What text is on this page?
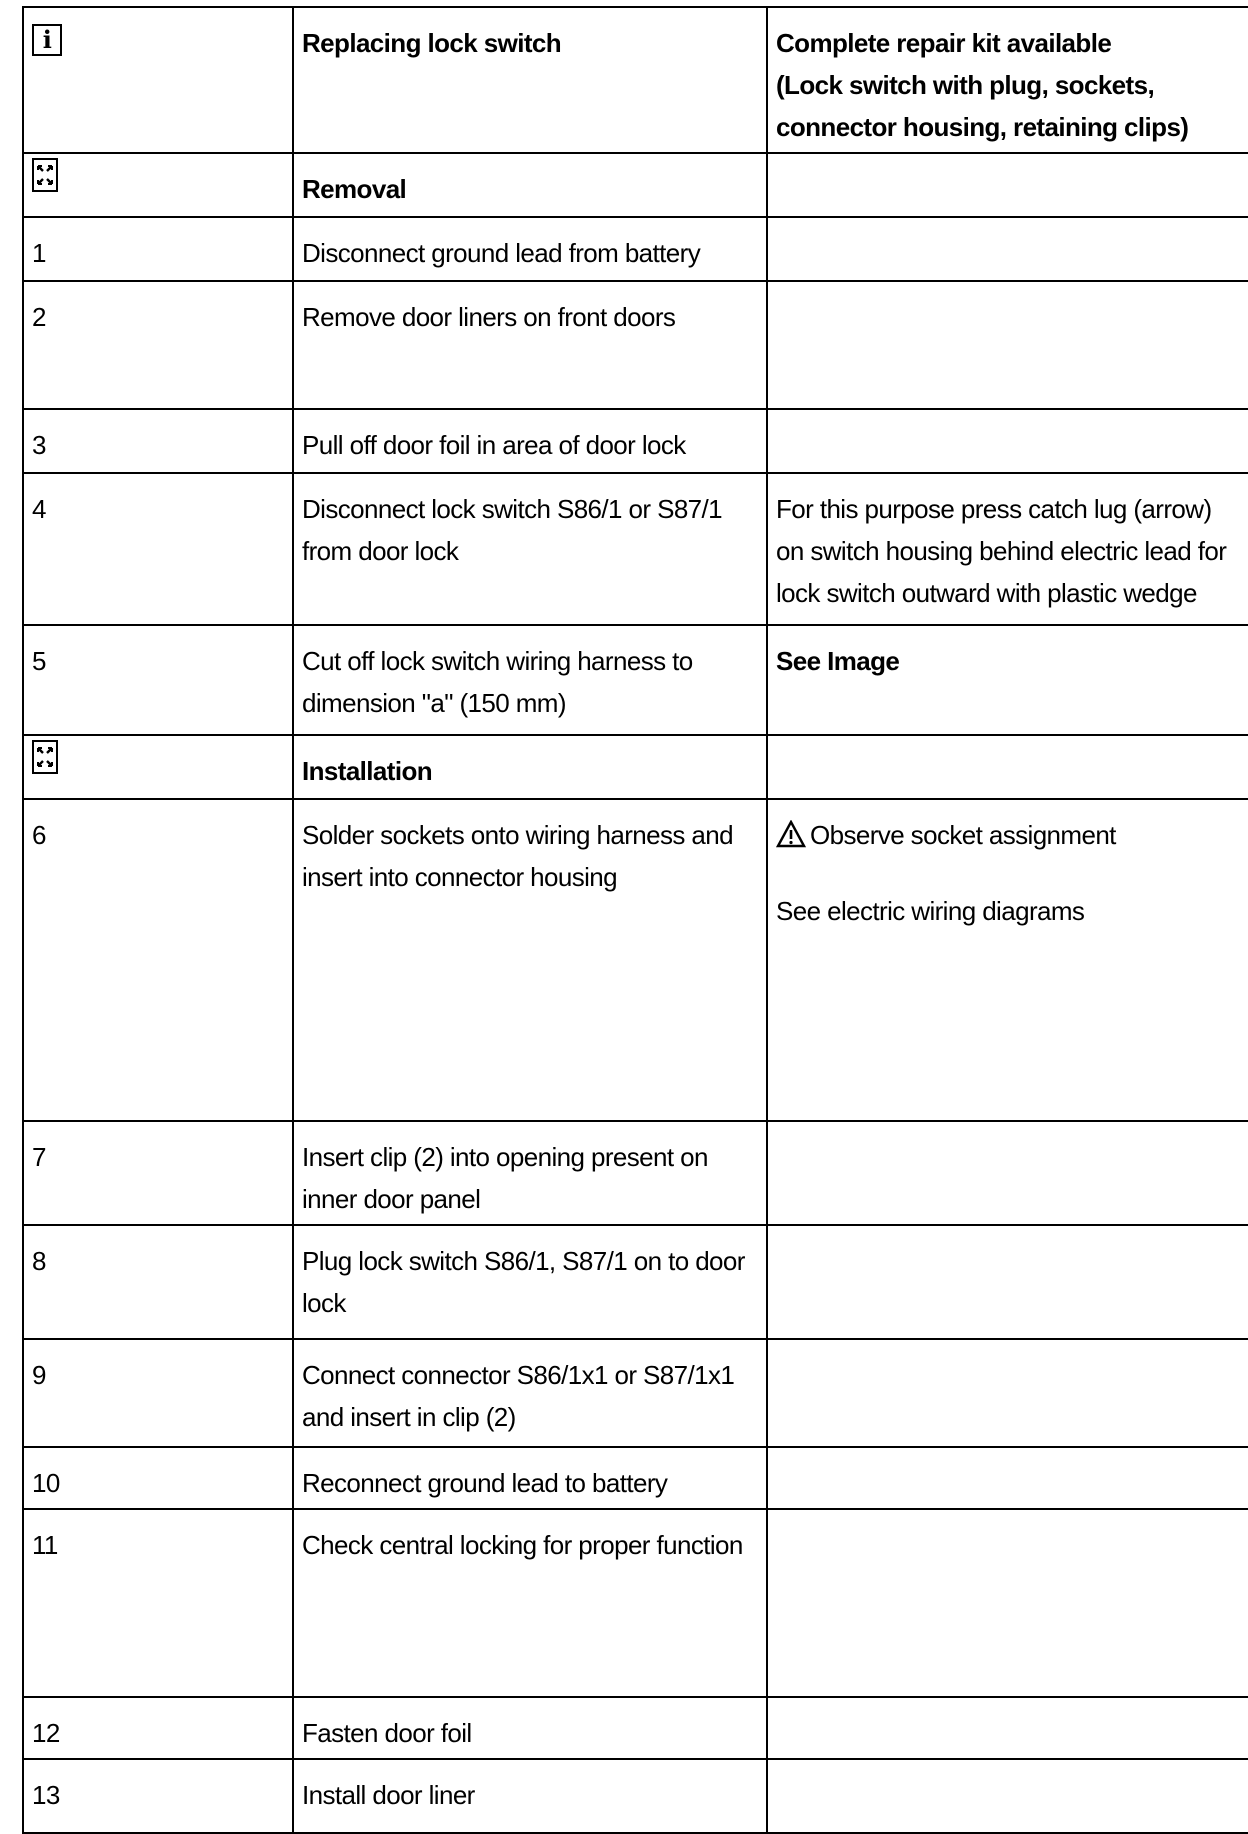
i	Replacing lock switch	Complete repair kit available
(Lock switch with plug, sockets, connector housing, retaining clips)

	Removal	
1	Disconnect ground lead from battery	
2	Remove door liners on front doors	
3	Pull off door foil in area of door lock	
4	Disconnect lock switch S86/1 or S87/1 from door lock	For this purpose press catch lug (arrow) on switch housing behind electric lead for lock switch outward with plastic wedge
5	Cut off lock switch wiring harness to dimension "a" (150 mm)	See Image

	Installation	
6	Solder sockets onto wiring harness and insert into connector housing	Observe socket assignment
See electric wiring diagrams

7	Insert clip (2) into opening present on inner door panel	
8	Plug lock switch S86/1, S87/1 on to door lock	
9	Connect connector S86/1x1 or S87/1x1 and insert in clip (2)	
10	Reconnect ground lead to battery	
11	Check central locking for proper function	
12	Fasten door foil	
13	Install door liner	
